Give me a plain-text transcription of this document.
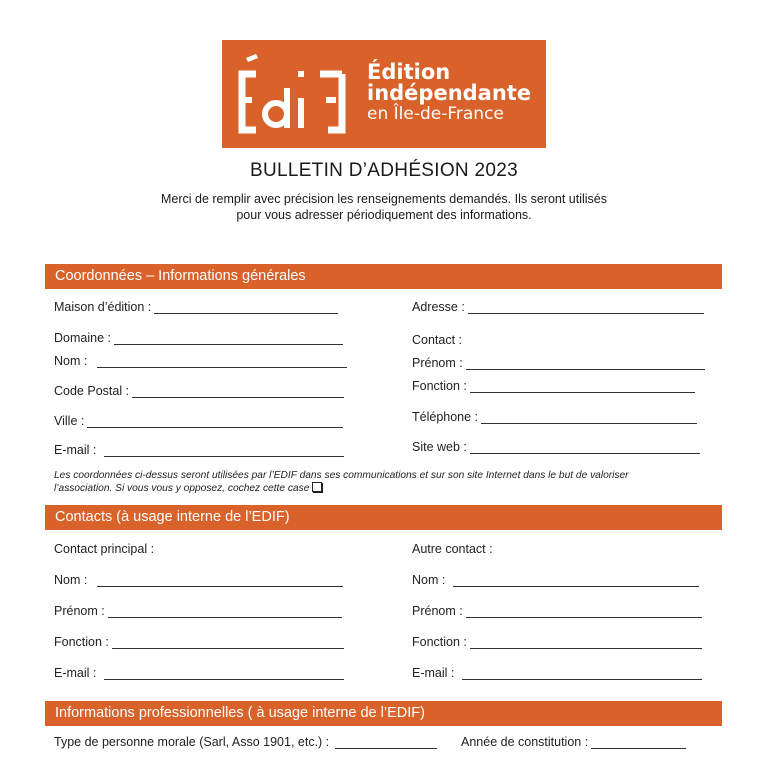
Édition
indépendante
en Île-de-France
BULLETIN D’ADHÉSION 2023
Merci de remplir avec précision les renseignements demandés. Ils seront utilisés
pour vous adresser périodiquement des informations.
Coordonnées – Informations générales
Maison d’édition :
Domaine :
Nom :
Code Postal :
Ville :
E-mail :
Adresse :
Contact :
Prénom :
Fonction :
Téléphone :
Site web :
Les coordonnées ci-dessus seront utilisées par l’EDIF dans ses communications et sur son site Internet dans le but de valoriser
l’association. Si vous vous y opposez, cochez cette case
Contacts (à usage interne de l’EDIF)
Contact principal :
Nom :
Prénom :
Fonction :
E-mail :
Autre contact :
Nom :
Prénom :
Fonction :
E-mail :
Informations professionnelles ( à usage interne de l’EDIF)
Type de personne morale (Sarl, Asso 1901, etc.) :	Année de constitution :
